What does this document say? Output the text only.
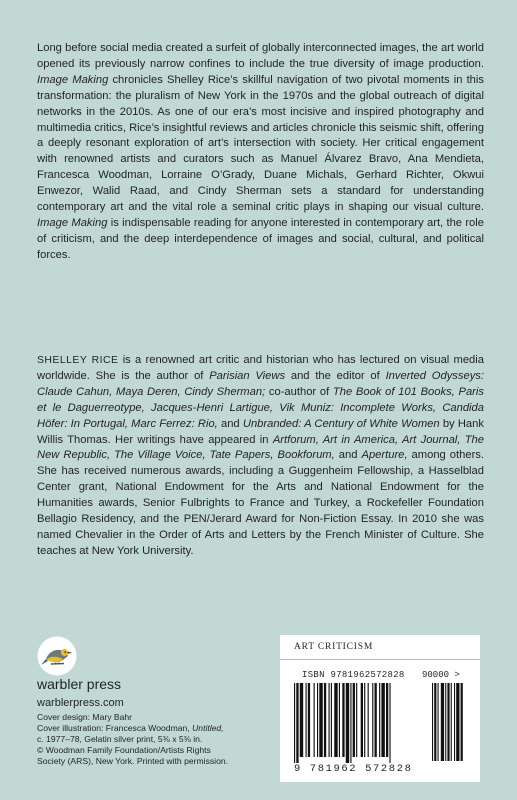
Long before social media created a surfeit of globally interconnected images, the art world opened its previously narrow confines to include the true diversity of image production. Image Making chronicles Shelley Rice’s skillful navigation of two pivotal moments in this transformation: the pluralism of New York in the 1970s and the global outreach of digital networks in the 2010s. As one of our era’s most incisive and inspired photography and multimedia critics, Rice’s insightful reviews and articles chronicle this seismic shift, offering a deeply resonant exploration of art’s intersection with society. Her critical engagement with renowned artists and curators such as Manuel Álvarez Bravo, Ana Mendieta, Francesca Woodman, Lorraine O’Grady, Duane Michals, Gerhard Richter, Okwui Enwezor, Walid Raad, and Cindy Sherman sets a standard for understanding contemporary art and the vital role a seminal critic plays in shaping our visual culture. Image Making is indispensable reading for anyone interested in contemporary art, the role of criticism, and the deep interdependence of images and social, cultural, and political forces.

SHELLEY RICE is a renowned art critic and historian who has lectured on visual media worldwide. She is the author of Parisian Views and the editor of Inverted Odysseys: Claude Cahun, Maya Deren, Cindy Sherman; co-author of The Book of 101 Books, Paris et le Daguerreotype, Jacques-Henri Lartigue, Vik Muniz: Incomplete Works, Candida Höfer: In Portugal, Marc Ferrez: Rio, and Unbranded: A Century of White Women by Hank Willis Thomas. Her writings have appeared in Artforum, Art in America, Art Journal, The New Republic, The Village Voice, Tate Papers, Bookforum, and Aperture, among others. She has received numerous awards, including a Guggenheim Fellowship, a Hasselblad Center grant, National Endowment for the Arts and National Endowment for the Humanities awards, Senior Fulbrights to France and Turkey, a Rockefeller Foundation Bellagio Residency, and the PEN/Jerard Award for Non-Fiction Essay. In 2010 she was named Chevalier in the Order of Arts and Letters by the French Minister of Culture. She teaches at New York University.

warbler press

warblerpress.com

Cover design: Mary Bahr
Cover illustration: Francesca Woodman, Untitled,
c. 1977–78, Gelatin silver print, 5⅜ x 5⅜ in.
© Woodman Family Foundation/Artists Rights
Society (ARS), New York. Printed with permission.
ART CRITICISM
ISBN 9781962572828 90000 >
9 781962 572828
